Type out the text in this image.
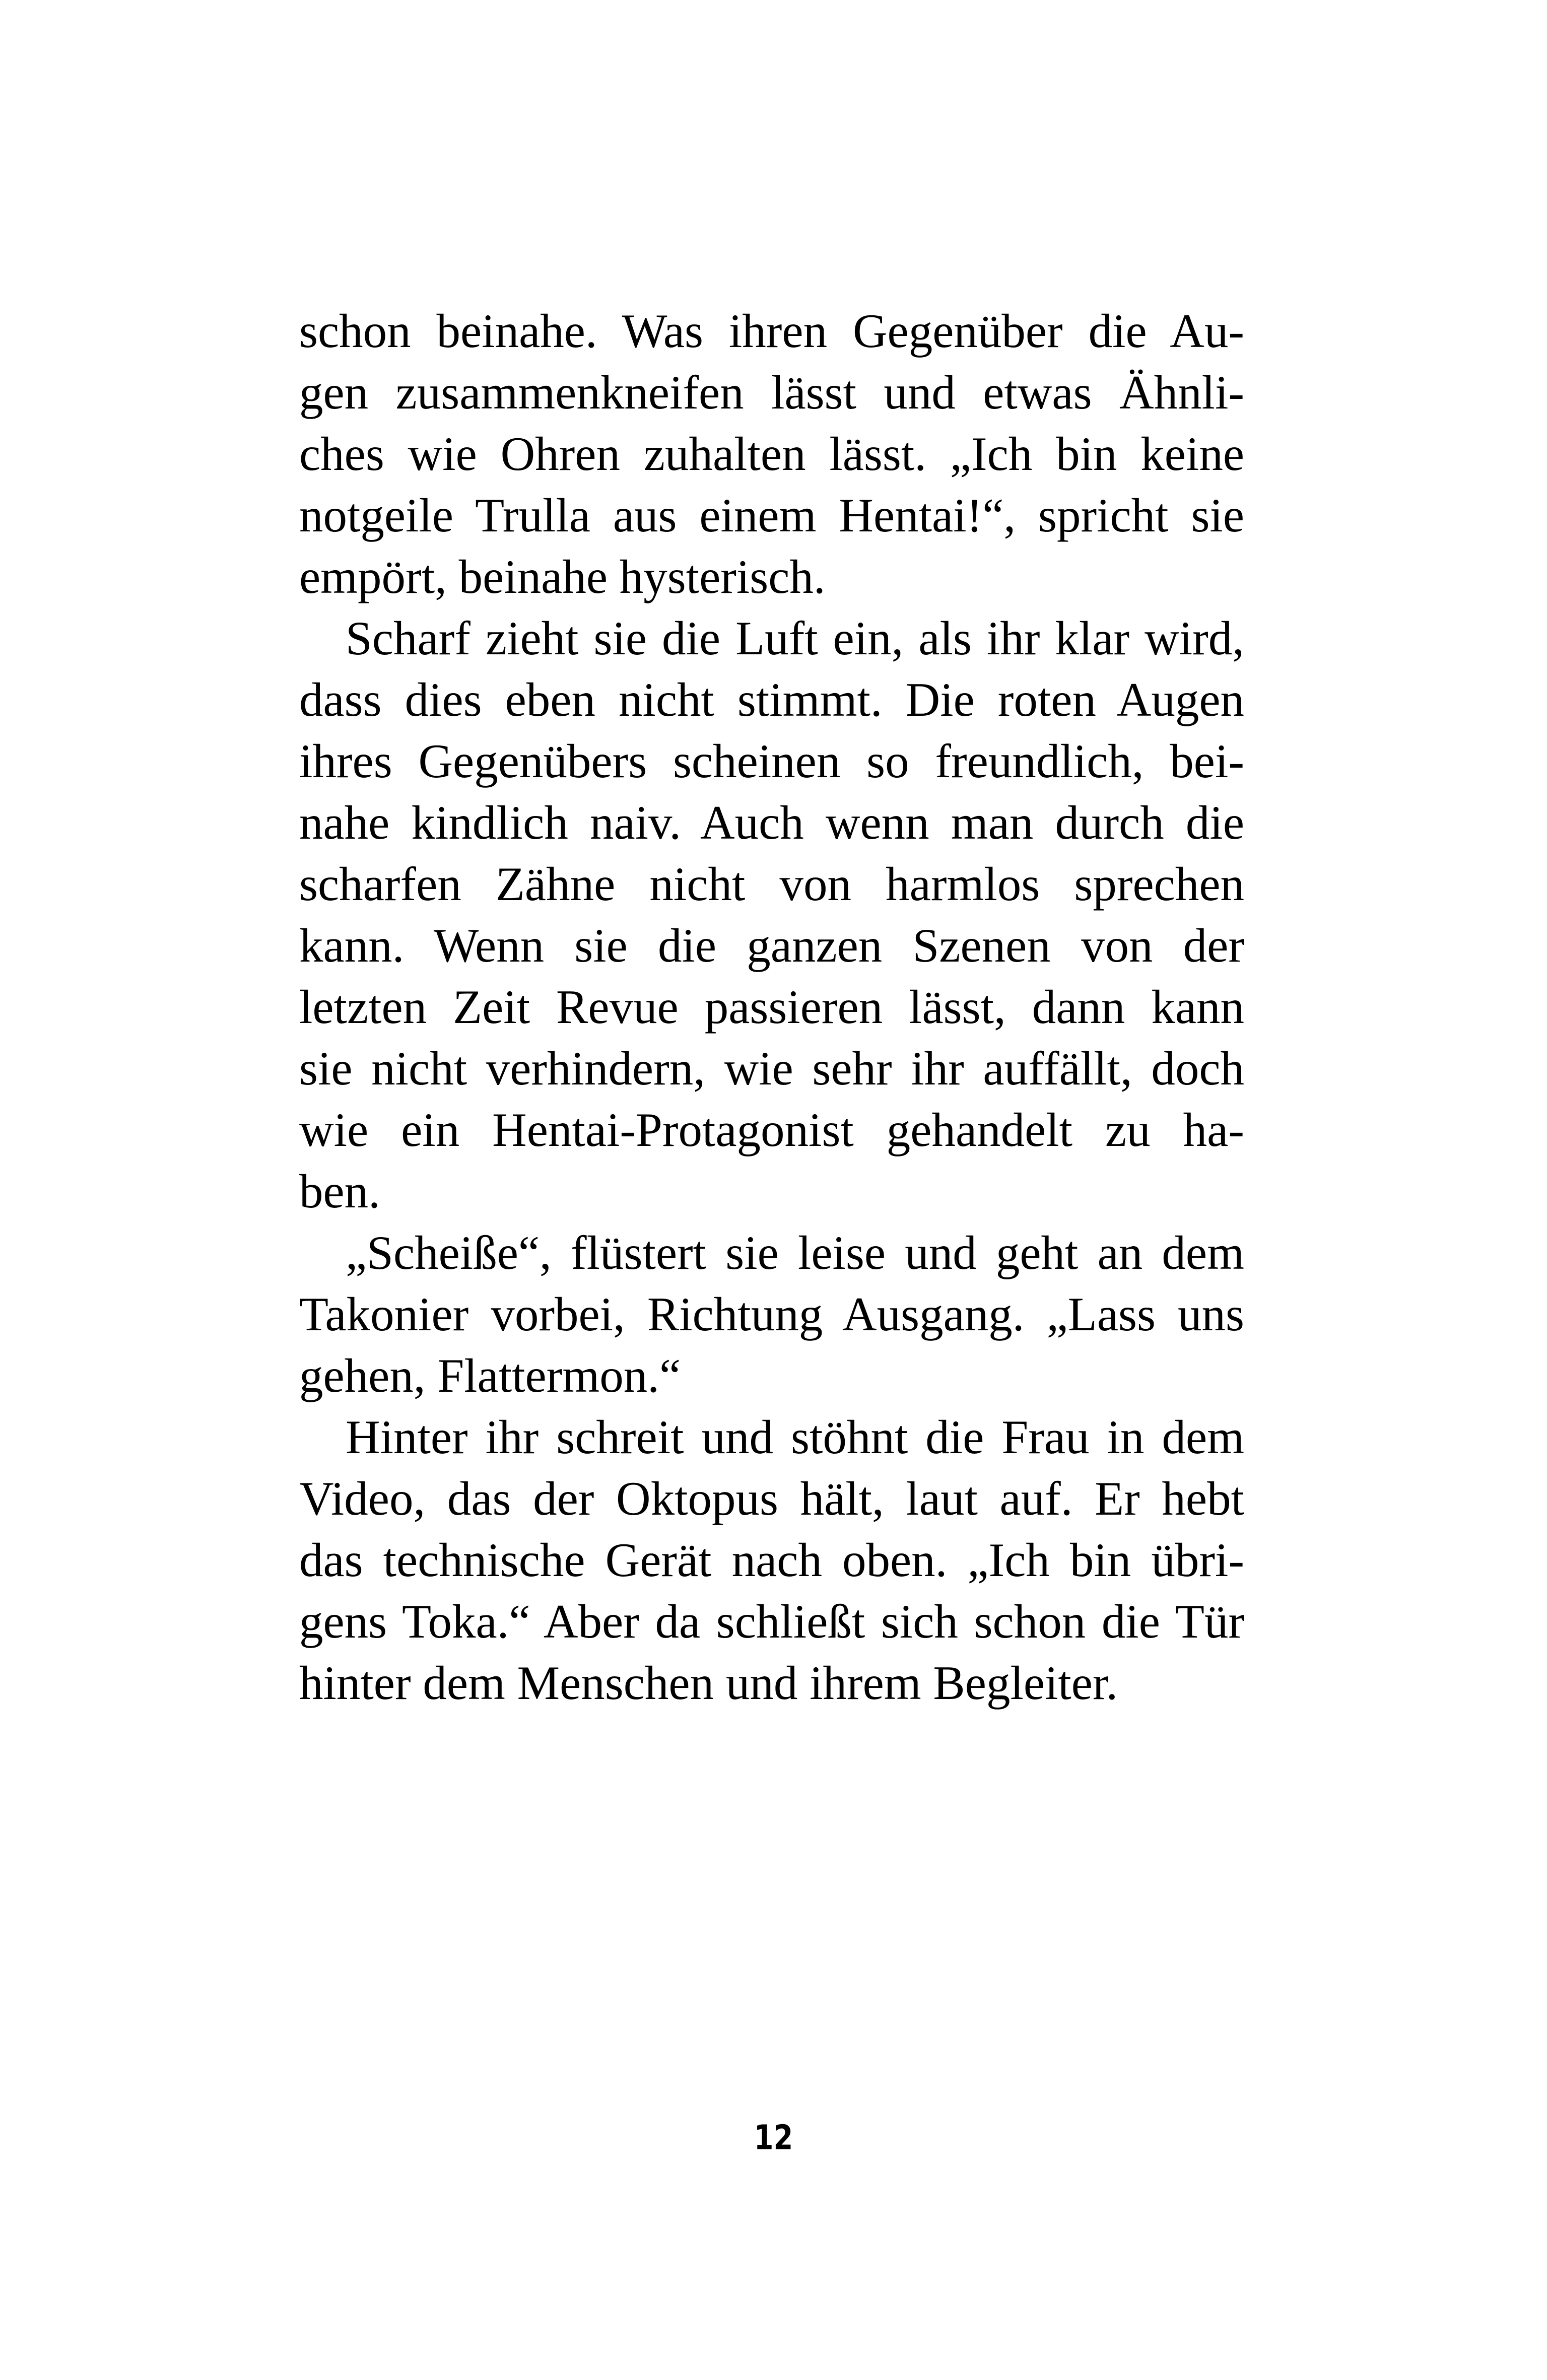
schon beinahe. Was ihren Gegenüber die Au-
gen zusammenkneifen lässt und etwas Ähnli-
ches wie Ohren zuhalten lässt. „Ich bin keine
notgeile Trulla aus einem Hentai!“, spricht sie
empört, beinahe hysterisch.
Scharf zieht sie die Luft ein, als ihr klar wird,
dass dies eben nicht stimmt. Die roten Augen
ihres Gegenübers scheinen so freundlich, bei-
nahe kindlich naiv. Auch wenn man durch die
scharfen Zähne nicht von harmlos sprechen
kann. Wenn sie die ganzen Szenen von der
letzten Zeit Revue passieren lässt, dann kann
sie nicht verhindern, wie sehr ihr auffällt, doch
wie ein Hentai-Protagonist gehandelt zu ha-
ben.
„Scheiße“, flüstert sie leise und geht an dem
Takonier vorbei, Richtung Ausgang. „Lass uns
gehen, Flattermon.“
Hinter ihr schreit und stöhnt die Frau in dem
Video, das der Oktopus hält, laut auf. Er hebt
das technische Gerät nach oben. „Ich bin übri-
gens Toka.“ Aber da schließt sich schon die Tür
hinter dem Menschen und ihrem Begleiter.
12
